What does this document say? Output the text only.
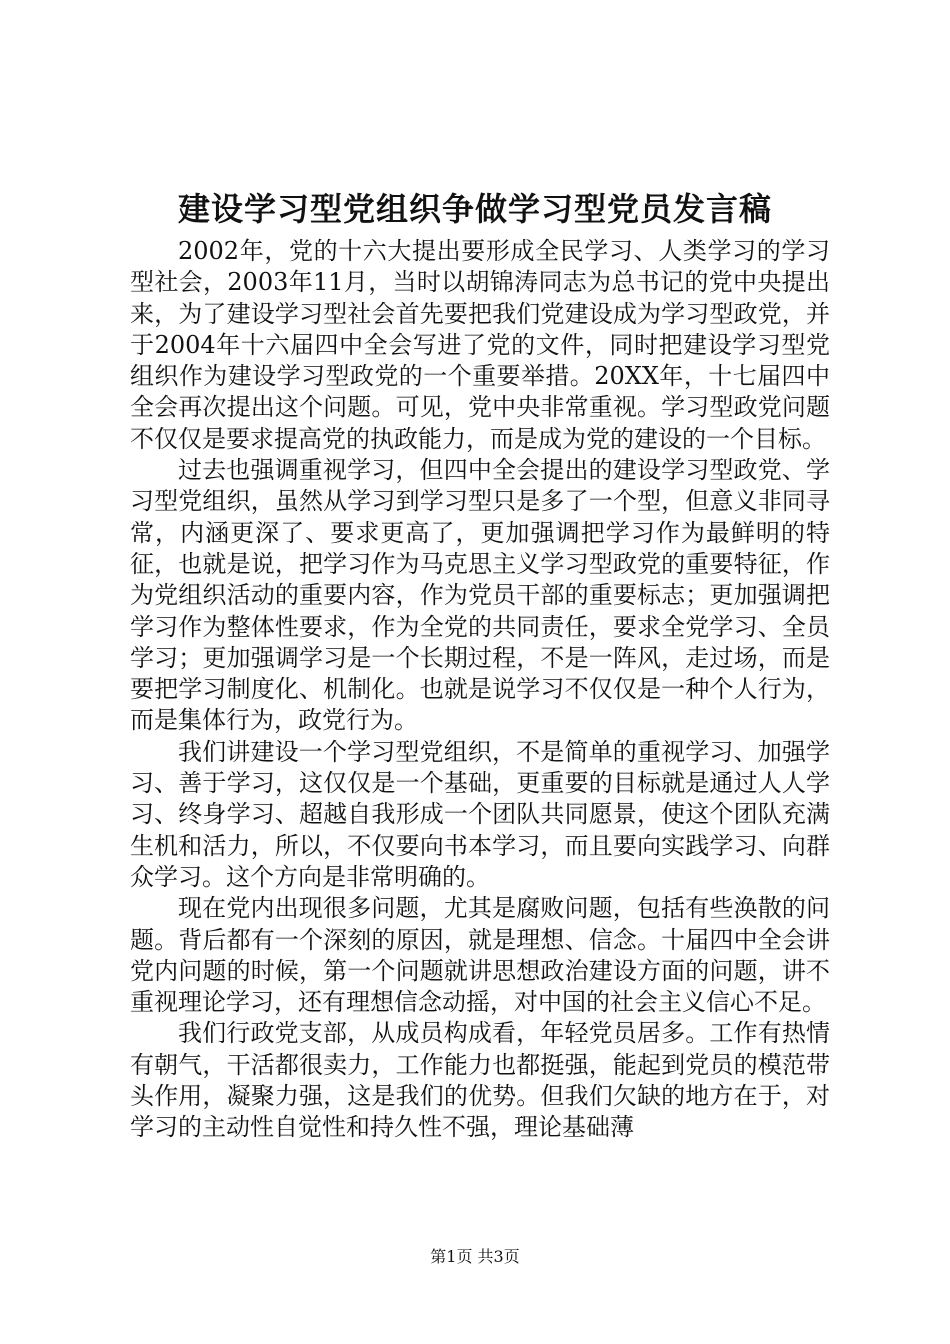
建设学习型党组织争做学习型党员发言稿

2002年，党的十六大提出要形成全民学习、人类学习的学习型社会，2003年11月，当时以胡锦涛同志为总书记的党中央提出来，为了建设学习型社会首先要把我们党建设成为学习型政党，并于2004年十六届四中全会写进了党的文件，同时把建设学习型党组织作为建设学习型政党的一个重要举措。20XX年，十七届四中全会再次提出这个问题。可见，党中央非常重视。学习型政党问题不仅仅是要求提高党的执政能力，而是成为党的建设的一个目标。

过去也强调重视学习，但四中全会提出的建设学习型政党、学习型党组织，虽然从学习到学习型只是多了一个型，但意义非同寻常，内涵更深了、要求更高了，更加强调把学习作为最鲜明的特征，也就是说，把学习作为马克思主义学习型政党的重要特征，作为党组织活动的重要内容，作为党员干部的重要标志；更加强调把学习作为整体性要求，作为全党的共同责任，要求全党学习、全员学习；更加强调学习是一个长期过程，不是一阵风，走过场，而是要把学习制度化、机制化。也就是说学习不仅仅是一种个人行为，而是集体行为，政党行为。

我们讲建设一个学习型党组织，不是简单的重视学习、加强学习、善于学习，这仅仅是一个基础，更重要的目标就是通过人人学习、终身学习、超越自我形成一个团队共同愿景，使这个团队充满生机和活力，所以，不仅要向书本学习，而且要向实践学习、向群众学习。这个方向是非常明确的。

现在党内出现很多问题，尤其是腐败问题，包括有些涣散的问题。背后都有一个深刻的原因，就是理想、信念。十届四中全会讲党内问题的时候，第一个问题就讲思想政治建设方面的问题，讲不重视理论学习，还有理想信念动摇，对中国的社会主义信心不足。

我们行政党支部，从成员构成看，年轻党员居多。工作有热情有朝气，干活都很卖力，工作能力也都挺强，能起到党员的模范带头作用，凝聚力强，这是我们的优势。但我们欠缺的地方在于，对学习的主动性自觉性和持久性不强，理论基础薄

第1页 共3页
